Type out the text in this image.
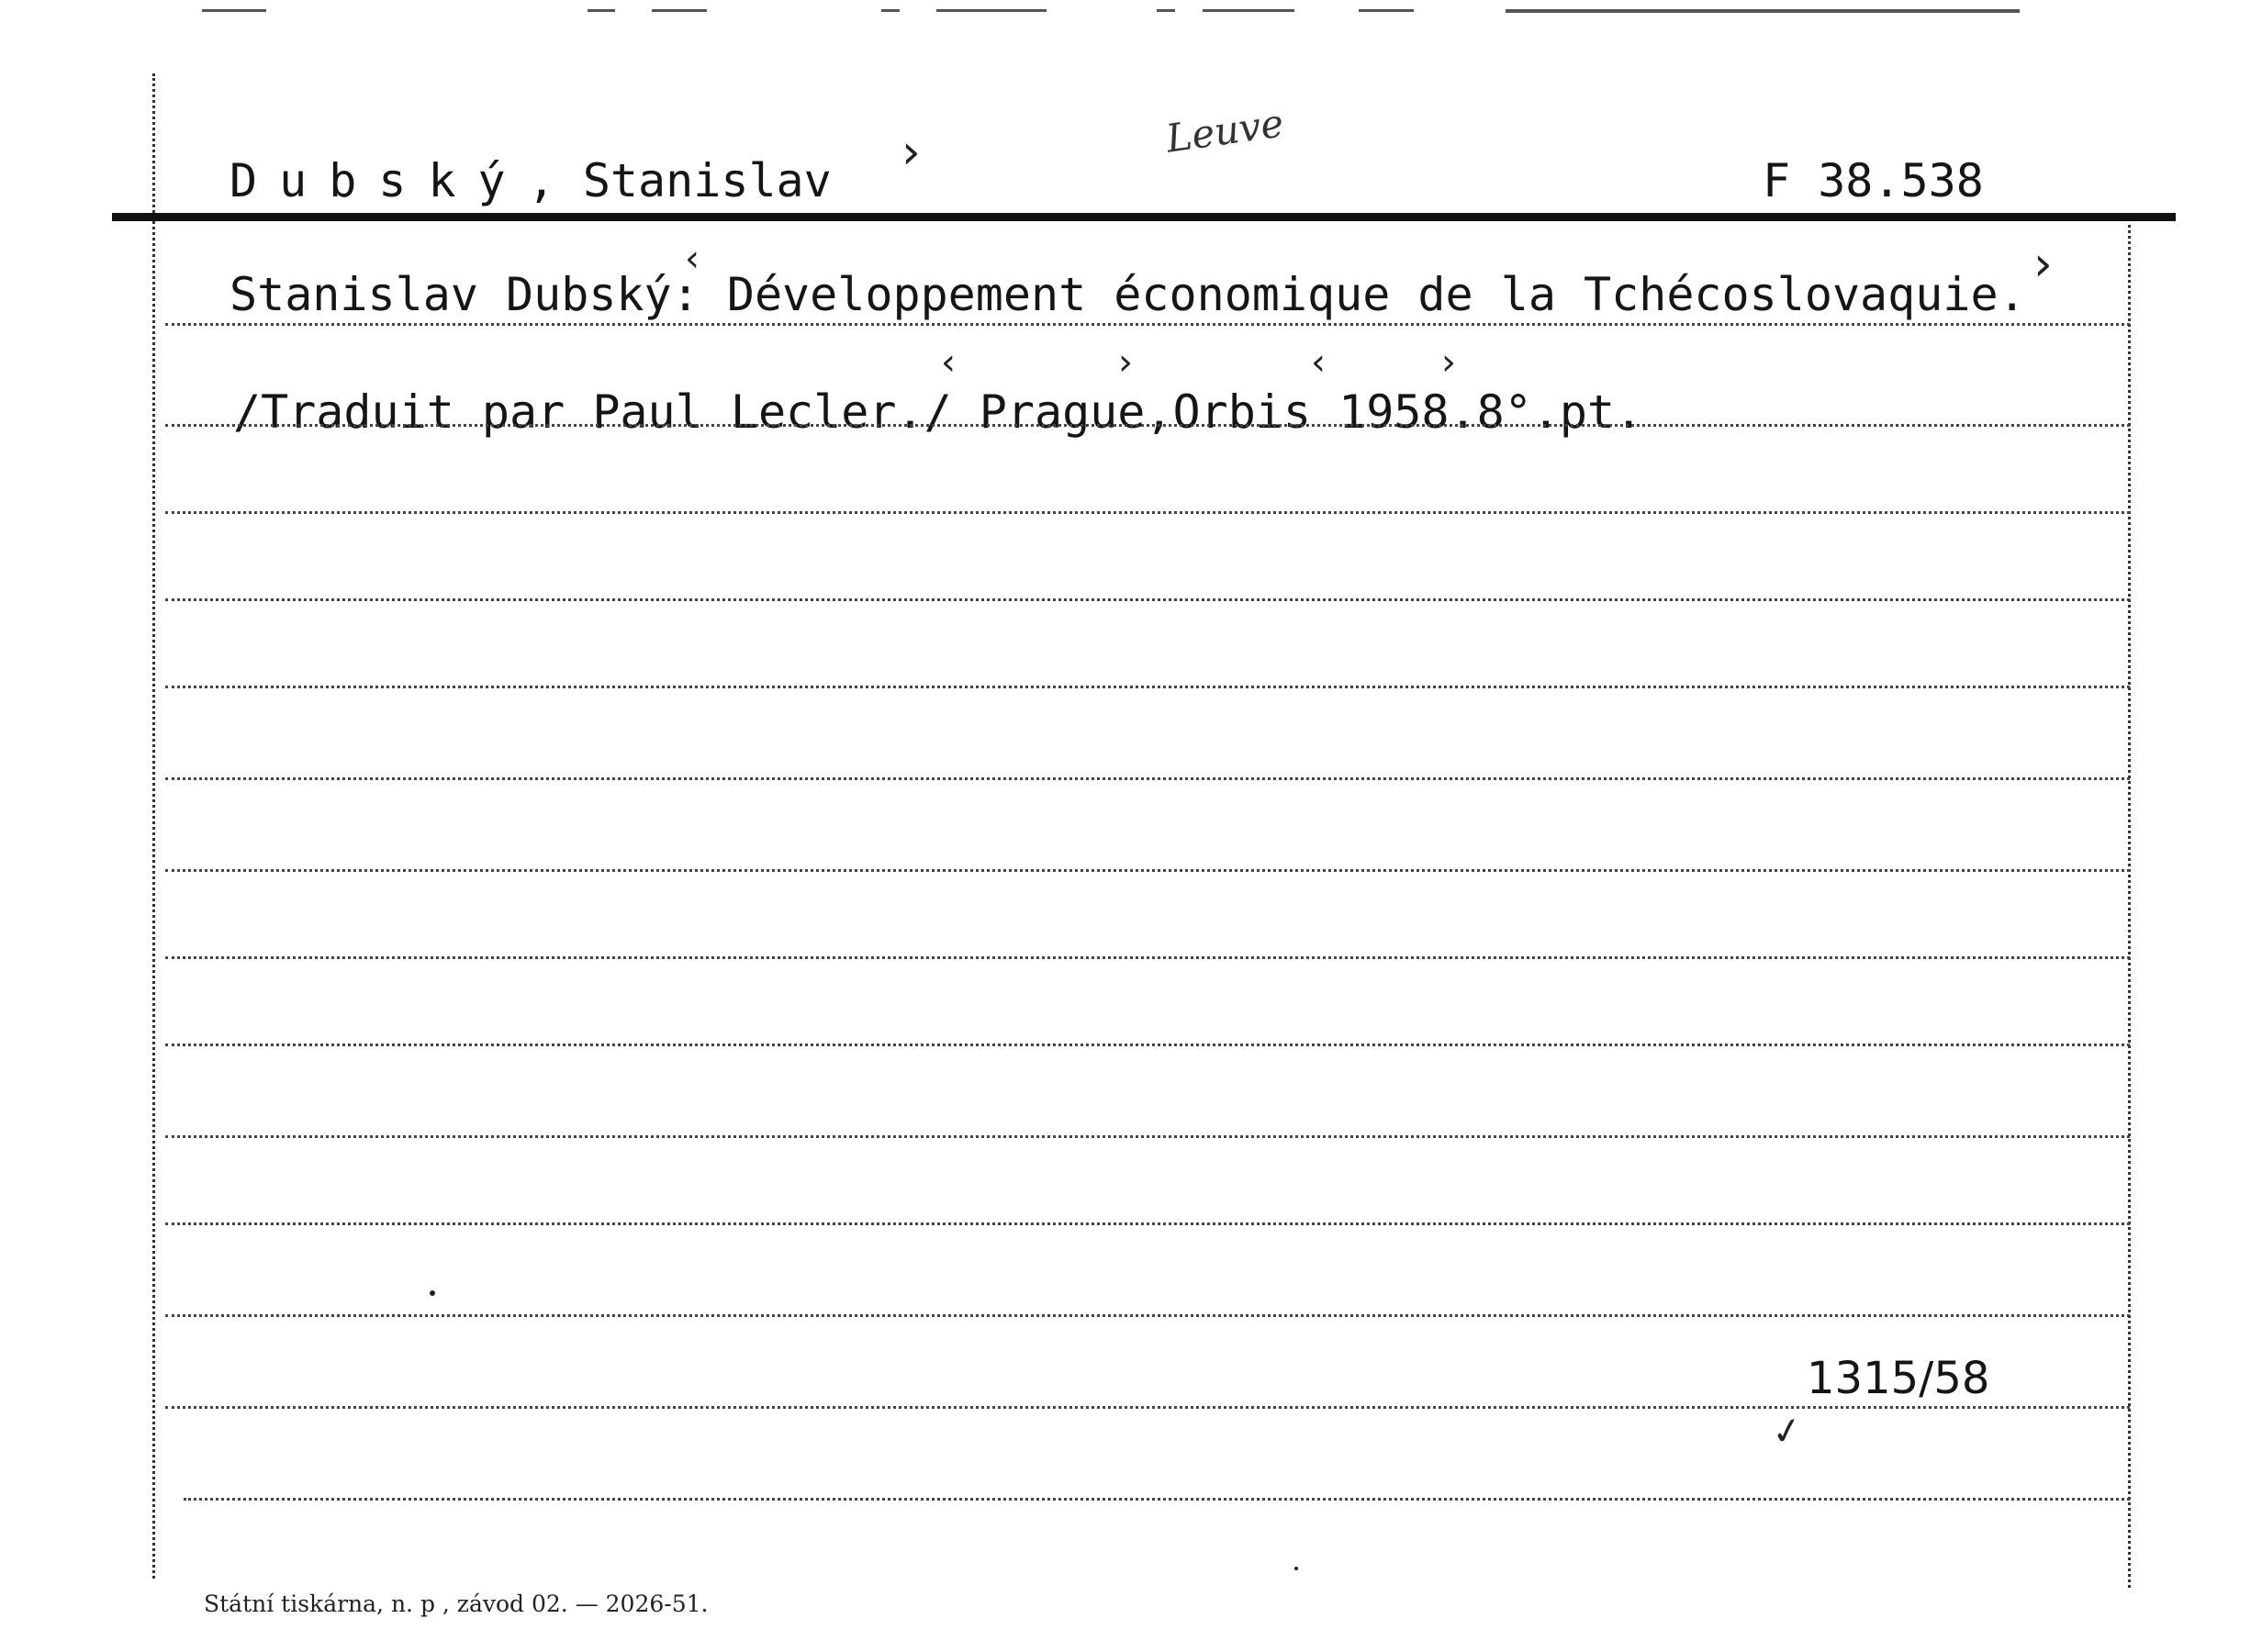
Dubský, Stanislav
›	Leuve
F 38.538
‹
Stanislav Dubský: Développement économique de la Tchécoslovaquie.
›
‹	›	‹	›
/Traduit par Paul Lecler./ Prague,Orbis 1958.8°.pt.
1315/58
✓
Státní tiskárna, n. p , závod 02. — 2026-51.
